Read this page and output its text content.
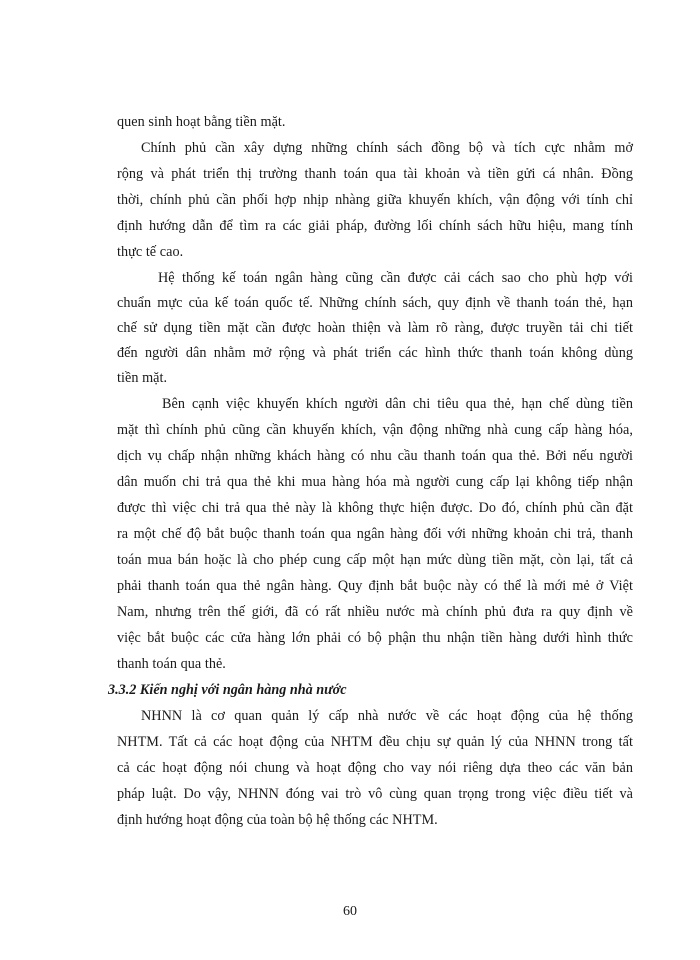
quen sinh hoạt bằng tiền mặt.
Chính phủ cần xây dựng những chính sách đồng bộ và tích cực nhằm mở
rộng và phát triển thị trường thanh toán qua tài khoản và tiền gửi cá nhân. Đồng
thời, chính phủ cần phối hợp nhịp nhàng giữa khuyến khích, vận động với tính chỉ
định hướng dẫn để tìm ra các giải pháp, đường lối chính sách hữu hiệu, mang tính
thực tế cao.
Hệ thống kế toán ngân hàng cũng cần được cải cách sao cho phù hợp với
chuẩn mực của kế toán quốc tế. Những chính sách, quy định về thanh toán thẻ, hạn
chế sử dụng tiền mặt cần được hoàn thiện và làm rõ ràng, được truyền tải chi tiết
đến người dân nhằm mở rộng và phát triển các hình thức thanh toán không dùng
tiền mặt.
Bên cạnh việc khuyến khích người dân chi tiêu qua thẻ, hạn chế dùng tiền
mặt thì chính phủ cũng cần khuyến khích, vận động những nhà cung cấp hàng hóa,
dịch vụ chấp nhận những khách hàng có nhu cầu thanh toán qua thẻ. Bởi nếu người
dân muốn chi trả qua thẻ khi mua hàng hóa mà người cung cấp lại không tiếp nhận
được thì việc chi trả qua thẻ này là không thực hiện được. Do đó, chính phủ cần đặt
ra một chế độ bắt buộc thanh toán qua ngân hàng đối với những khoản chi trả, thanh
toán mua bán hoặc là cho phép cung cấp một hạn mức dùng tiền mặt, còn lại, tất cả
phải thanh toán qua thẻ ngân hàng. Quy định bắt buộc này có thể là mới mẻ ở Việt
Nam, nhưng trên thế giới, đã có rất nhiều nước mà chính phủ đưa ra quy định về
việc bắt buộc các cửa hàng lớn phải có bộ phận thu nhận tiền hàng dưới hình thức
thanh toán qua thẻ.
3.3.2 Kiến nghị với ngân hàng nhà nước
NHNN là cơ quan quản lý cấp nhà nước về các hoạt động của hệ thống
NHTM. Tất cả các hoạt động của NHTM đều chịu sự quản lý của NHNN trong tất
cả các hoạt động nói chung và hoạt động cho vay nói riêng dựa theo các văn bản
pháp luật. Do vậy, NHNN đóng vai trò vô cùng quan trọng trong việc điều tiết và
định hướng hoạt động của toàn bộ hệ thống các NHTM.
60
